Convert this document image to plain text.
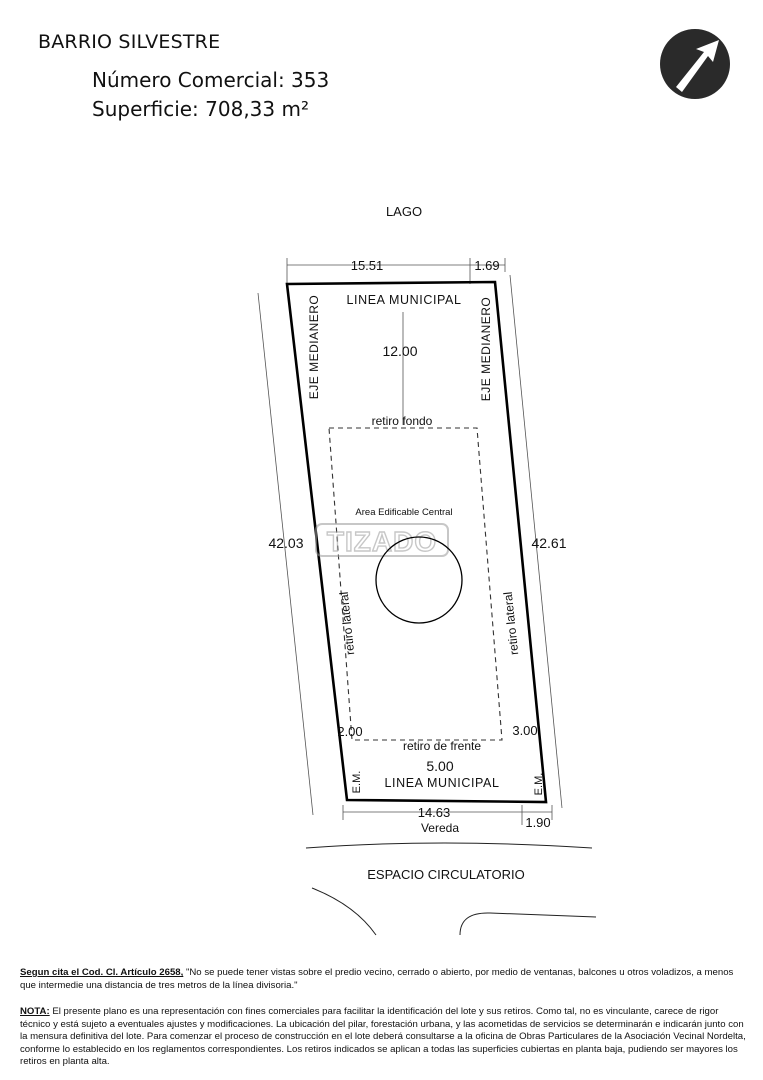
BARRIO SILVESTRE
Número Comercial: 353
Superficie: 708,33 m²
LAGO
TIZADO
15.51	1.69
LINEA MUNICIPAL
EJE MEDIANERO	EJE MEDIANERO
12.00
retiro fondo
Area Edificable Central
42.03	42.61
retiro lateral	retiro lateral
2.00	3.00
retiro de frente
5.00
LINEA MUNICIPAL
E.M.	E.M.
14.63
1.90
Vereda
ESPACIO CIRCULATORIO
Segun cita el Cod. Cl. Artículo 2658, "No se puede tener vistas sobre el predio vecino, cerrado o abierto, por medio de ventanas, balcones u otros voladizos, a menos que intermedie una distancia de tres metros de la línea divisoria."
NOTA: El presente plano es una representación con fines comerciales para facilitar la identificación del lote y sus retiros. Como tal, no es vinculante, carece de rigor técnico y está sujeto a eventuales ajustes y modificaciones. La ubicación del pilar, forestación urbana, y las acometidas de servicios se determinarán e indicarán junto con la mensura definitiva del lote. Para comenzar el proceso de construcción en el lote deberá consultarse a la oficina de Obras Particulares de la Asociación Vecinal Nordelta, conforme lo establecido en los reglamentos correspondientes. Los retiros indicados se aplican a todas las superficies cubiertas en planta baja, pudiendo ser mayores los retiros en planta alta.
